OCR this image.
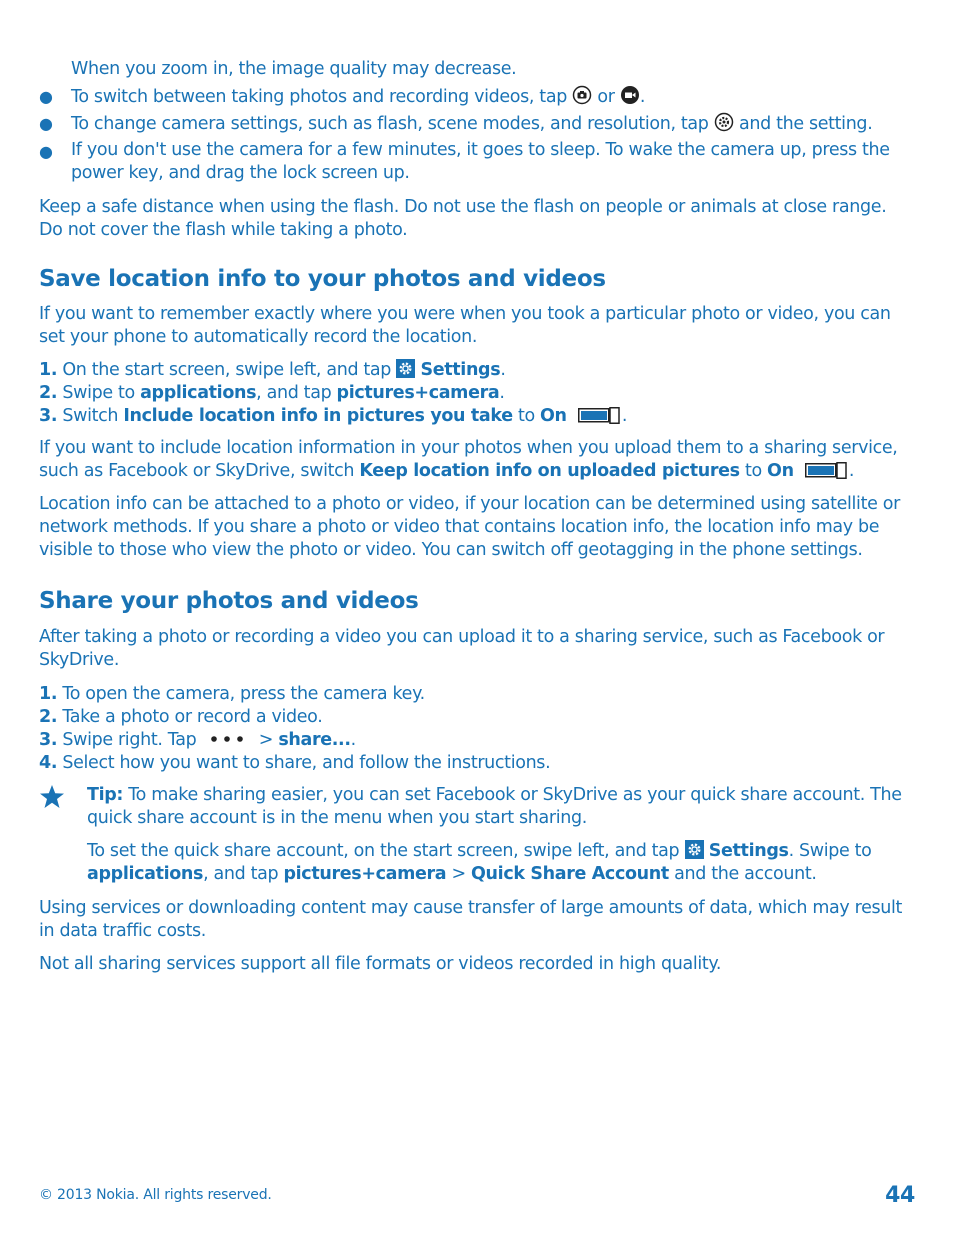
When you zoom in, the image quality may decrease.

● To switch between taking photos and recording videos, tap or .
● To change camera settings, such as flash, scene modes, and resolution, tap and the setting.
● If you don't use the camera for a few minutes, it goes to sleep. To wake the camera up, press the power key, and drag the lock screen up.

Keep a safe distance when using the flash. Do not use the flash on people or animals at close range. Do not cover the flash while taking a photo.

Save location info to your photos and videos

If you want to remember exactly where you were when you took a particular photo or video, you can set your phone to automatically record the location.

1. On the start screen, swipe left, and tap Settings.
2. Swipe to applications, and tap pictures+camera.
3. Switch Include location info in pictures you take to On	.

If you want to include location information in your photos when you upload them to a sharing service, such as Facebook or SkyDrive, switch Keep location info on uploaded pictures to On	.

Location info can be attached to a photo or video, if your location can be determined using satellite or network methods. If you share a photo or video that contains location info, the location info may be visible to those who view the photo or video. You can switch off geotagging in the phone settings.

Share your photos and videos

After taking a photo or recording a video you can upload it to a sharing service, such as Facebook or SkyDrive.

1. To open the camera, press the camera key.
2. Take a photo or record a video.
3. Swipe right. Tap	> share....
4. Select how you want to share, and follow the instructions.

Tip: To make sharing easier, you can set Facebook or SkyDrive as your quick share account. The quick share account is in the menu when you start sharing.

To set the quick share account, on the start screen, swipe left, and tap Settings. Swipe to applications, and tap pictures+camera > Quick Share Account and the account.

Using services or downloading content may cause transfer of large amounts of data, which may result in data traffic costs.

Not all sharing services support all file formats or videos recorded in high quality.

© 2013 Nokia. All rights reserved.	44
